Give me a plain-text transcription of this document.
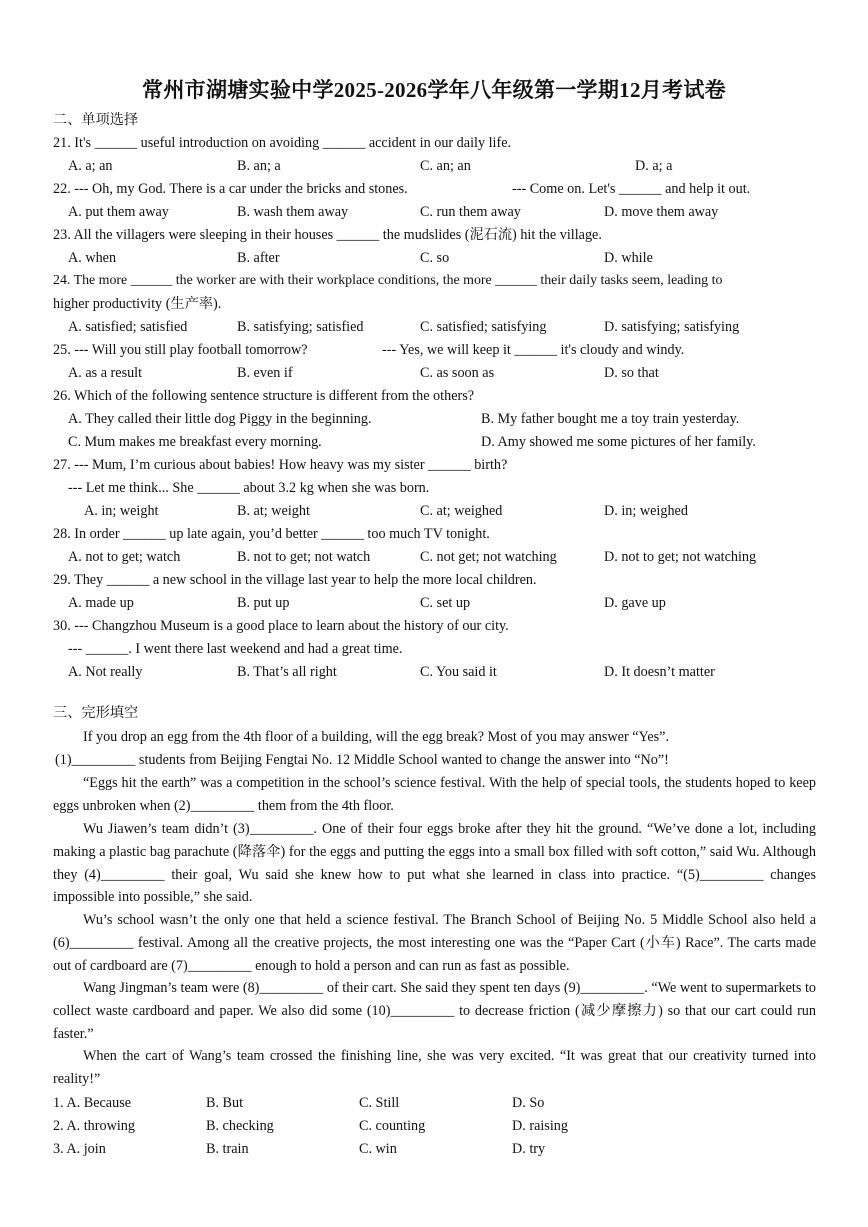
常州市湖塘实验中学2025-2026学年八年级第一学期12月考试卷
二、单项选择
21. It's ______ useful introduction on avoiding ______ accident in our daily life.
A. a; an	B. an; a	C. an; an	D. a; a
22. --- Oh, my God. There is a car under the bricks and stones.	--- Come on. Let's ______ and help it out.
A. put them away	B. wash them away	C. run them away	D. move them away
23. All the villagers were sleeping in their houses ______ the mudslides (泥石流) hit the village.
A. when	B. after	C. so	D. while
24. The more ______ the worker are with their workplace conditions, the more ______ their daily tasks seem, leading to
higher productivity (生产率).
A. satisfied; satisfied	B. satisfying; satisfied	C. satisfied; satisfying	D. satisfying; satisfying
25. --- Will you still play football tomorrow?	--- Yes, we will keep it ______ it's cloudy and windy.
A. as a result	B. even if	C. as soon as	D. so that
26. Which of the following sentence structure is different from the others?
A. They called their little dog Piggy in the beginning.	B. My father bought me a toy train yesterday.
C. Mum makes me breakfast every morning.	D. Amy showed me some pictures of her family.
27. --- Mum, I’m curious about babies! How heavy was my sister ______ birth?
--- Let me think... She ______ about 3.2 kg when she was born.
A. in; weight	B. at; weight	C. at; weighed	D. in; weighed
28. In order ______ up late again, you’d better ______ too much TV tonight.
A. not to get; watch	B. not to get; not watch	C. not get; not watching	D. not to get; not watching
29. They ______ a new school in the village last year to help the more local children.
A. made up	B. put up	C. set up	D. gave up
30. --- Changzhou Museum is a good place to learn about the history of our city.
--- ______. I went there last weekend and had a great time.
A. Not really	B. That’s all right	C. You said it	D. It doesn’t matter
三、完形填空
If you drop an egg from the 4th floor of a building, will the egg break? Most of you may answer “Yes”.
(1)_________ students from Beijing Fengtai No. 12 Middle School wanted to change the answer into “No”!
“Eggs hit the earth” was a competition in the school’s science festival. With the help of special tools, the students hoped to keep eggs unbroken when (2)_________ them from the 4th floor.
Wu Jiawen’s team didn’t (3)_________. One of their four eggs broke after they hit the ground. “We’ve done a lot, including making a plastic bag parachute (降落伞) for the eggs and putting the eggs into a small box filled with soft cotton,” said Wu. Although they (4)_________ their goal, Wu said she knew how to put what she learned in class into practice. “(5)_________ changes impossible into possible,” she said.
Wu’s school wasn’t the only one that held a science festival. The Branch School of Beijing No. 5 Middle School also held a (6)_________ festival. Among all the creative projects, the most interesting one was the “Paper Cart (小车) Race”. The carts made out of cardboard are (7)_________ enough to hold a person and can run as fast as possible.
Wang Jingman’s team were (8)_________ of their cart. She said they spent ten days (9)_________. “We went to supermarkets to collect waste cardboard and paper. We also did some (10)_________ to decrease friction (减少摩擦力) so that our cart could run faster.”
When the cart of Wang’s team crossed the finishing line, she was very excited. “It was great that our creativity turned into reality!”
1. A. Because	B. But	C. Still	D. So
2. A. throwing	B. checking	C. counting	D. raising
3. A. join	B. train	C. win	D. try
